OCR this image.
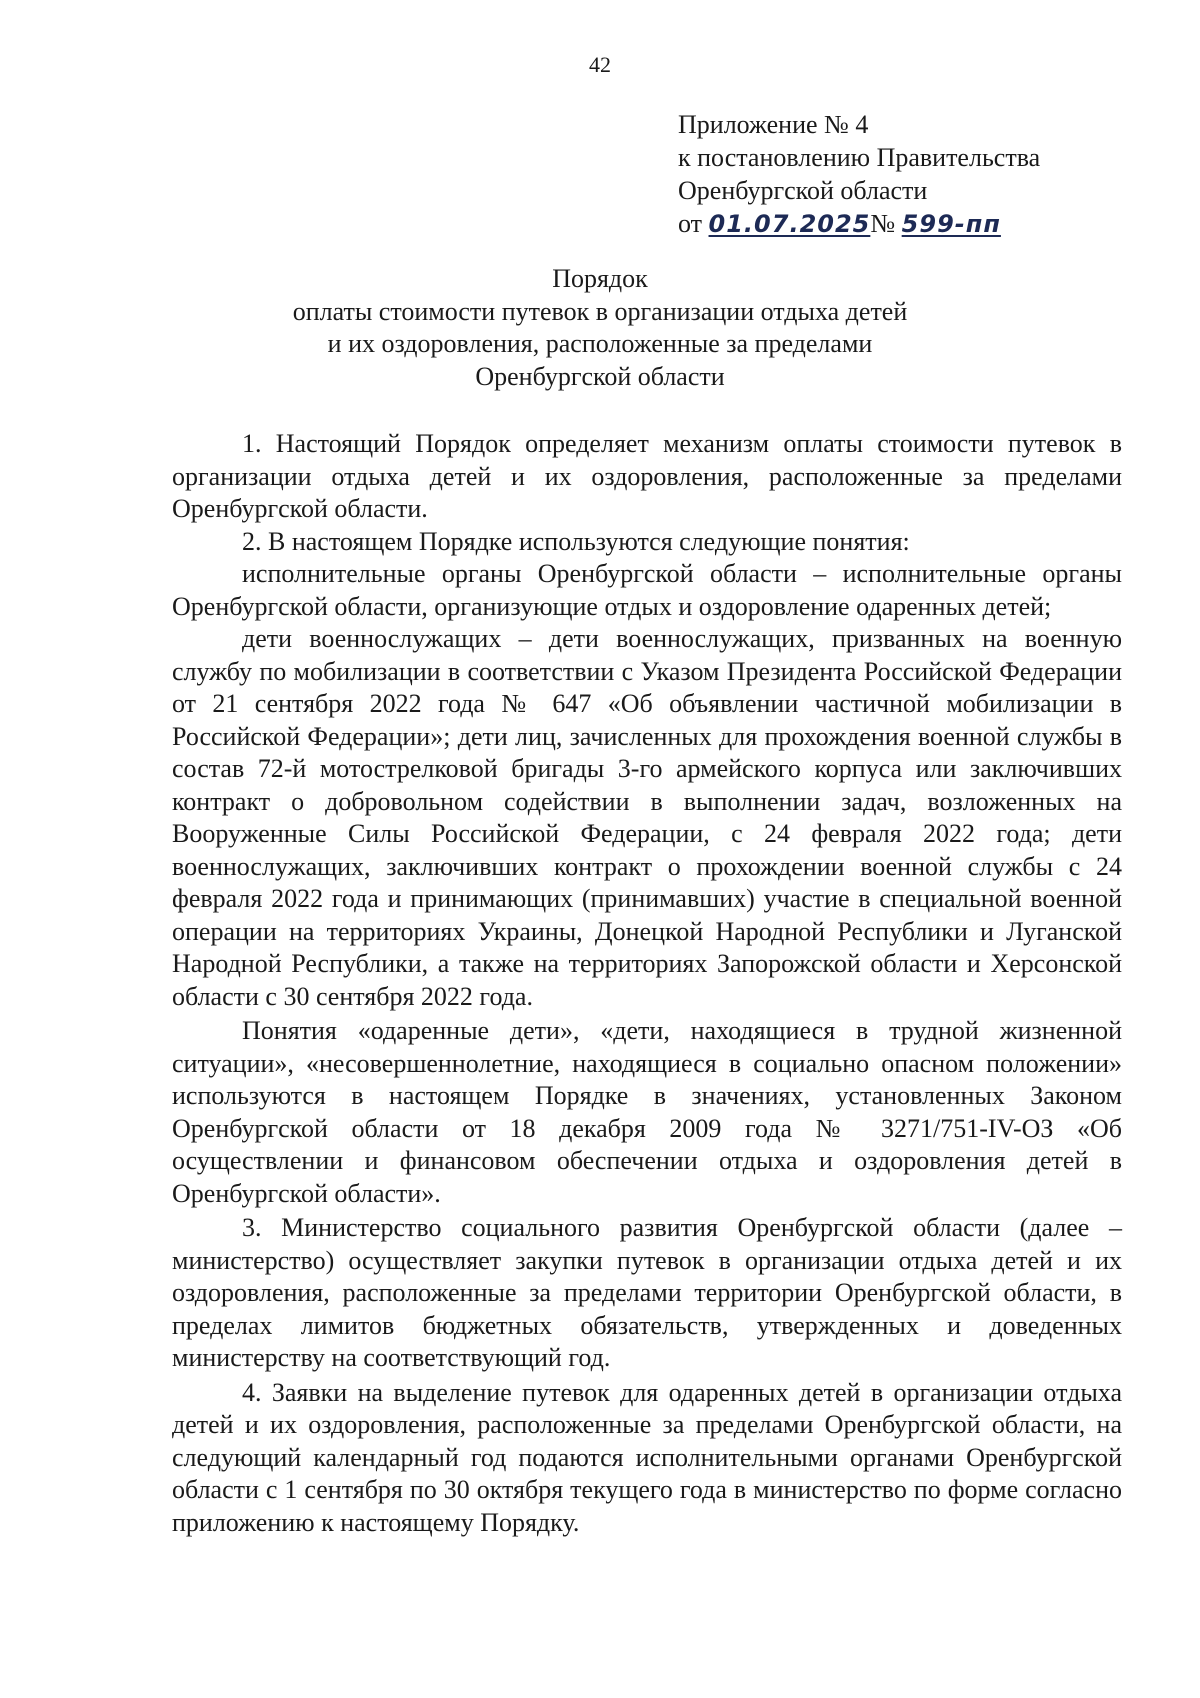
42
Приложение № 4
к постановлению Правительства
Оренбургской области
от 01.07.2025№ 599-пп
Порядок
оплаты стоимости путевок в организации отдыха детей
и их оздоровления, расположенные за пределами
Оренбургской области

1. Настоящий Порядок определяет механизм оплаты стоимости путевок в организации отдыха детей и их оздоровления, расположенные за пределами Оренбургской области.

2. В настоящем Порядке используются следующие понятия:

исполнительные органы Оренбургской области – исполнительные органы Оренбургской области, организующие отдых и оздоровление одаренных детей;

дети военнослужащих – дети военнослужащих, призванных на военную службу по мобилизации в соответствии с Указом Президента Российской Федерации от 21 сентября 2022 года № 647 «Об объявлении частичной мобилизации в Российской Федерации»; дети лиц, зачисленных для прохождения военной службы в состав 72-й мотострелковой бригады 3-го армейского корпуса или заключивших контракт о добровольном содействии в выполнении задач, возложенных на Вооруженные Силы Российской Федерации, с 24 февраля 2022 года; дети военнослужащих, заключивших контракт о прохождении военной службы с 24 февраля 2022 года и принимающих (принимавших) участие в специальной военной операции на территориях Украины, Донецкой Народной Республики и Луганской Народной Республики, а также на территориях Запорожской области и Херсонской области с 30 сентября 2022 года.

Понятия «одаренные дети», «дети, находящиеся в трудной жизненной ситуации», «несовершеннолетние, находящиеся в социально опасном положении» используются в настоящем Порядке в значениях, установленных Законом Оренбургской области от 18 декабря 2009 года № 3271/751-IV-ОЗ «Об осуществлении и финансовом обеспечении отдыха и оздоровления детей в Оренбургской области».

3. Министерство социального развития Оренбургской области (далее – министерство) осуществляет закупки путевок в организации отдыха детей и их оздоровления, расположенные за пределами территории Оренбургской области, в пределах лимитов бюджетных обязательств, утвержденных и доведенных министерству на соответствующий год.

4. Заявки на выделение путевок для одаренных детей в организации отдыха детей и их оздоровления, расположенные за пределами Оренбургской области, на следующий календарный год подаются исполнительными органами Оренбургской области с 1 сентября по 30 октября текущего года в министерство по форме согласно приложению к настоящему Порядку.
